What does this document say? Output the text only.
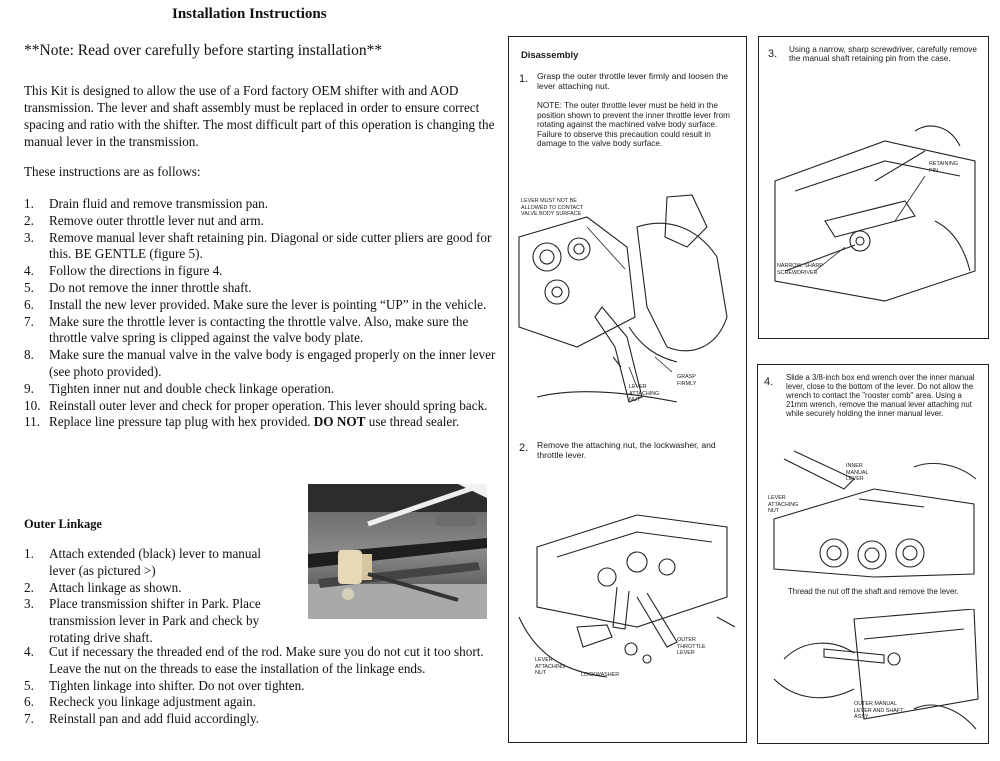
Installation Instructions
**Note: Read over carefully before starting installation**
This Kit is designed to allow the use of a Ford factory OEM shifter with and AOD transmission. The lever and shaft assembly must be replaced in order to ensure correct spacing and ratio with the shifter. The most difficult part of this operation is changing the manual lever in the transmission.
These instructions are as follows:
1. Drain fluid and remove transmission pan.
2. Remove outer throttle lever nut and arm.
3. Remove manual lever shaft retaining pin. Diagonal or side cutter pliers are good for this. BE GENTLE (figure 5).
4. Follow the directions in figure 4.
5. Do not remove the inner throttle shaft.
6. Install the new lever provided. Make sure the lever is pointing “UP” in the vehicle.
7. Make sure the throttle lever is contacting the throttle valve. Also, make sure the throttle valve spring is clipped against the valve body plate.
8. Make sure the manual valve in the valve body is engaged properly on the inner lever (see photo provided).
9. Tighten inner nut and double check linkage operation.
10. Reinstall outer lever and check for proper operation. This lever should spring back.
11. Replace line pressure tap plug with hex provided. DO NOT use thread sealer.
Outer Linkage
1. Attach extended (black) lever to manual lever (as pictured >)
2. Attach linkage as shown.
3. Place transmission shifter in Park. Place transmission lever in Park and check by rotating drive shaft.
4. Cut if necessary the threaded end of the rod. Make sure you do not cut it too short. Leave the nut on the threads to ease the installation of the linkage ends.
5. Tighten linkage into shifter. Do not over tighten.
6. Recheck you linkage adjustment again.
7. Reinstall pan and add fluid accordingly.
Disassembly
1. Grasp the outer throttle lever firmly and loosen the lever attaching nut.
NOTE: The outer throttle lever must be held in the position shown to prevent the inner throttle lever from rotating against the machined valve body surface. Failure to observe this precaution could result in damage to the valve body surface.
LEVER MUST NOT BE ALLOWED TO CONTACT VALVE BODY SURFACE
GRASP FIRMLY
LEVER ATTACHING NUT
2. Remove the attaching nut, the lockwasher, and throttle lever.
OUTER THROTTLE LEVER
LEVER ATTACHING NUT	LOCKWASHER
3. Using a narrow, sharp screwdriver, carefully remove the manual shaft retaining pin from the case.
RETAINING PIN
NARROW, SHARP SCREWDRIVER
4. Slide a 3/8-inch box end wrench over the inner manual lever, close to the bottom of the lever. Do not allow the wrench to contact the "rooster comb" area. Using a 21mm wrench, remove the manual lever attaching nut while securely holding the inner manual lever.
INNER MANUAL LEVER
LEVER ATTACHING NUT
Thread the nut off the shaft and remove the lever.
OUTER MANUAL LEVER AND SHAFT ASSY
